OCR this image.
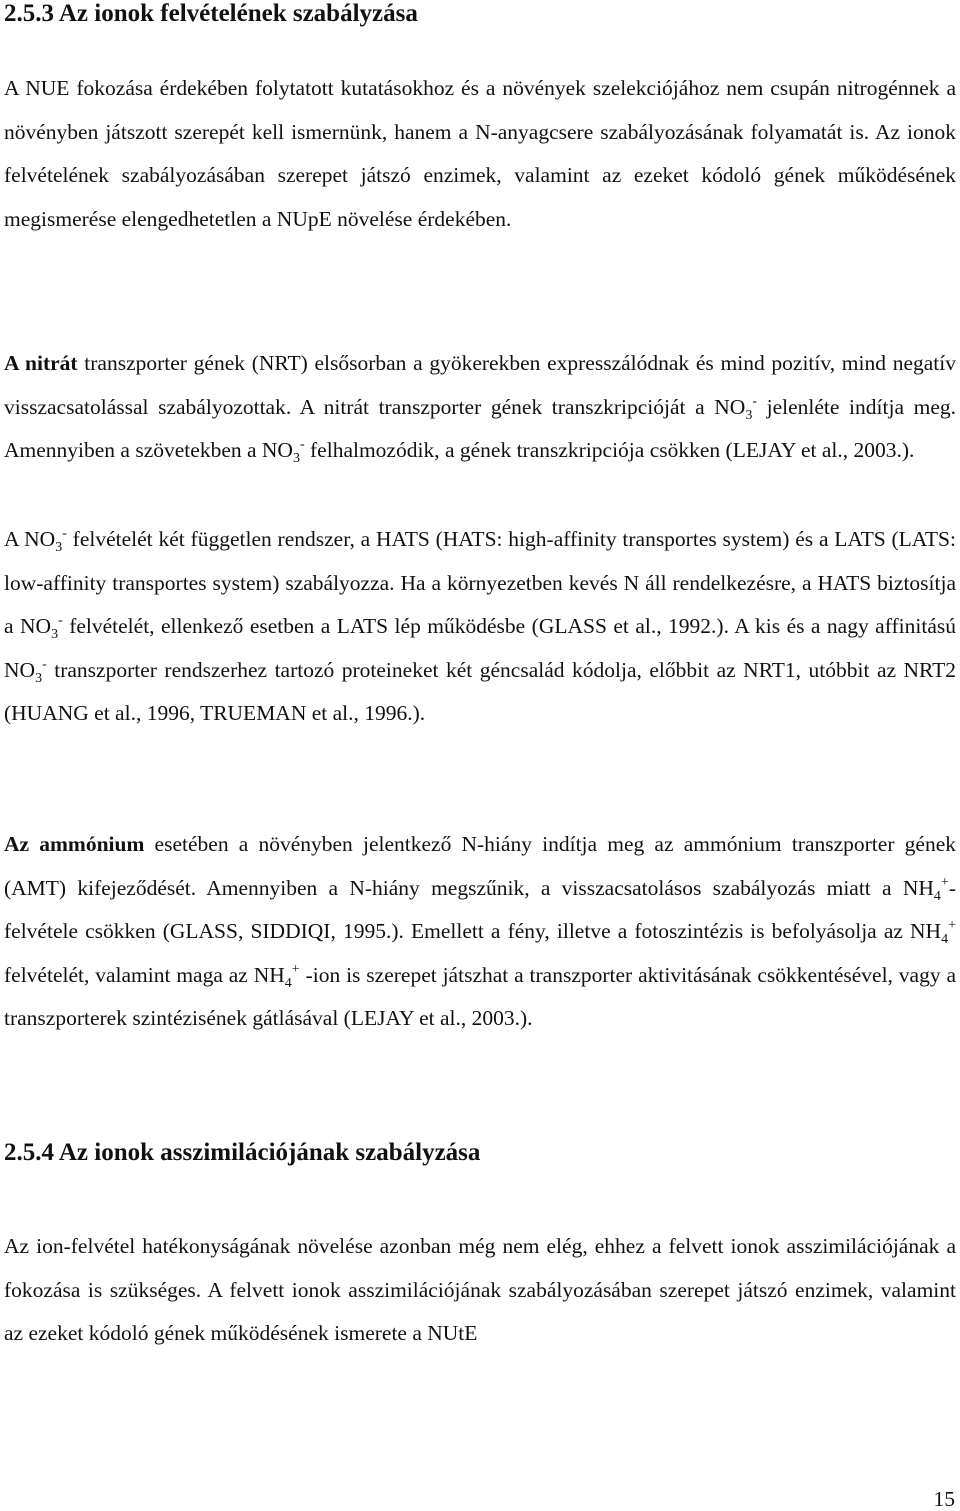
2.5.3 Az ionok felvételének szabályzása

A NUE fokozása érdekében folytatott kutatásokhoz és a növények szelekciójához nem csupán nitrogénnek a növényben játszott szerepét kell ismernünk, hanem a N-anyagcsere szabályozásának folyamatát is. Az ionok felvételének szabályozásában szerepet játszó enzimek, valamint az ezeket kódoló gének működésének megismerése elengedhetetlen a NUpE növelése érdekében.

A nitrát transzporter gének (NRT) elsősorban a gyökerekben expresszálódnak és mind pozitív, mind negatív visszacsatolással szabályozottak. A nitrát transzporter gének transzkripcióját a $NO_3^-$ jelenléte indítja meg. Amennyiben a szövetekben a $NO_3^-$ felhalmozódik, a gének transzkripciója csökken (LEJAY et al., 2003.).

A $NO_3^-$ felvételét két független rendszer, a HATS (HATS: high-affinity transportes system) és a LATS (LATS: low-affinity transportes system) szabályozza. Ha a környezetben kevés N áll rendelkezésre, a HATS biztosítja a $NO_3^-$ felvételét, ellenkező esetben a LATS lép működésbe (GLASS et al., 1992.). A kis és a nagy affinitású $NO_3^-$ transzporter rendszerhez tartozó proteineket két géncsalád kódolja, előbbit az NRT1, utóbbit az NRT2 (HUANG et al., 1996, TRUEMAN et al., 1996.).

Az ammónium esetében a növényben jelentkező N-hiány indítja meg az ammónium transzporter gének (AMT) kifejeződését. Amennyiben a N-hiány megszűnik, a visszacsatolásos szabályozás miatt a $NH_4^+$-felvétele csökken (GLASS, SIDDIQI, 1995.). Emellett a fény, illetve a fotoszintézis is befolyásolja az $NH_4^+$ felvételét, valamint maga az $NH_4^+$ -ion is szerepet játszhat a transzporter aktivitásának csökkentésével, vagy a transzporterek szintézisének gátlásával (LEJAY et al., 2003.).

2.5.4 Az ionok asszimilációjának szabályzása

Az ion-felvétel hatékonyságának növelése azonban még nem elég, ehhez a felvett ionok asszimilációjának a fokozása is szükséges. A felvett ionok asszimilációjának szabályozásában szerepet játszó enzimek, valamint az ezeket kódoló gének működésének ismerete a NUtE

15
